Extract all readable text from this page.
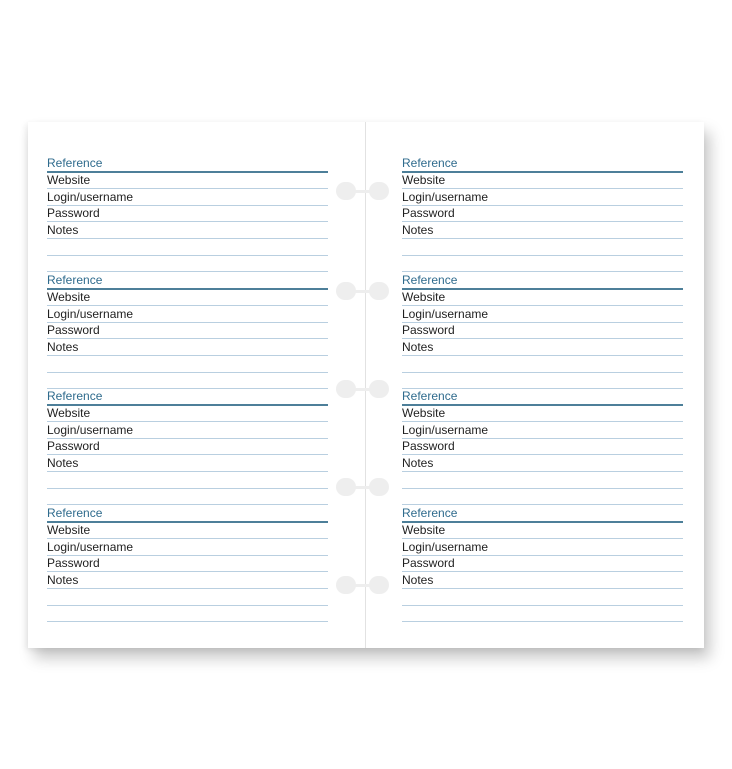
Reference
Website
Login/username
Password
Notes
Reference
Website
Login/username
Password
Notes
Reference
Website
Login/username
Password
Notes
Reference
Website
Login/username
Password
Notes
Reference
Website
Login/username
Password
Notes
Reference
Website
Login/username
Password
Notes
Reference
Website
Login/username
Password
Notes
Reference
Website
Login/username
Password
Notes
